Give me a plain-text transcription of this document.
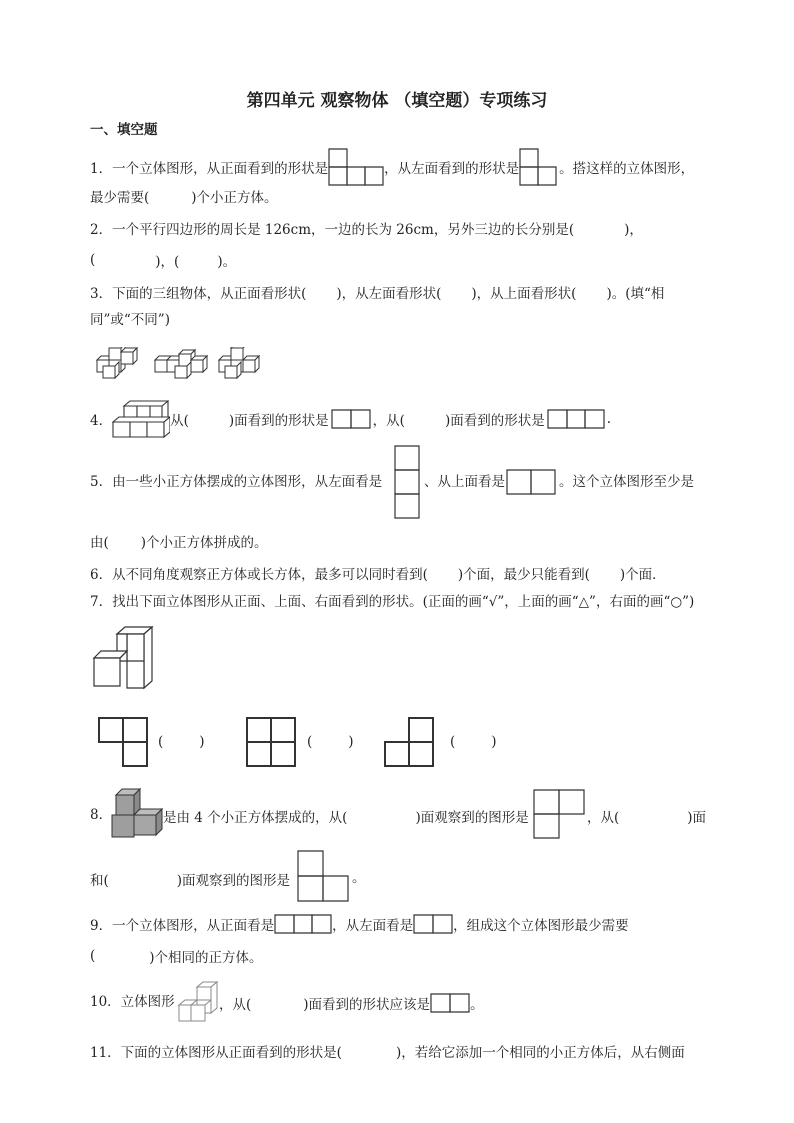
第四单元 观察物体 （填空题）专项练习
一、填空题
1．一个立体图形，从正面看到的形状是	，从左面看到的形状是	。搭这样的立体图形，
最少需要(	)个小正方体。
2．一个平行四边形的周长是 126cm，一边的长为 26cm，另外三边的长分别是(	)，
(	)，(	)。
3．下面的三组物体，从正面看形状( )，从左面看形状( )，从上面看形状( )。(填“相
同”或“不同”)
4．	从(	)面看到的形状是	，从(	)面看到的形状是	.
5．由一些小正方体摆成的立体图形，从左面看是	、从上面看是	。这个立体图形至少是
由( )个小正方体拼成的。
6．从不同角度观察正方体或长方体，最多可以同时看到( )个面，最少只能看到( )个面．
7．找出下面立体图形从正面、上面、右面看到的形状。(正面的画“√”，上面的画“△”，右面的画“○”)
(	)	(	)	(	)
8．	是由 4 个小正方体摆成的，从(	)面观察到的图形是	，从(	)面
和(	)面观察到的图形是	。
9．一个立体图形，从正面看是	，从左面看是	，组成这个立体图形最少需要
(	)个相同的正方体。
10．立体图形	，从(	)面看到的形状应该是	。
11．下面的立体图形从正面看到的形状是(	)，若给它添加一个相同的小正方体后，从右侧面
